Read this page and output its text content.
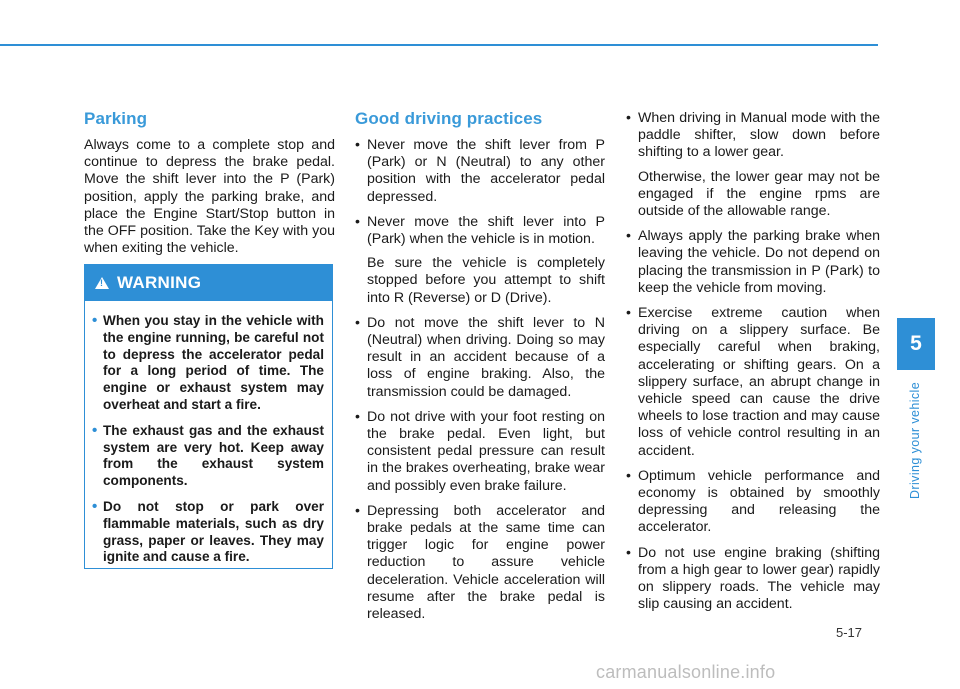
Parking

Always come to a complete stop and continue to depress the brake pedal. Move the shift lever into the P (Park) position, apply the parking brake, and place the Engine Start/Stop button in the OFF position. Take the Key with you when exiting the vehicle.

! WARNING
• When you stay in the vehicle with the engine running, be careful not to depress the accelerator pedal for a long period of time. The engine or exhaust system may overheat and start a fire.
• The exhaust gas and the exhaust system are very hot. Keep away from the exhaust system components.
• Do not stop or park over flammable materials, such as dry grass, paper or leaves. They may ignite and cause a fire.
Good driving practices

• Never move the shift lever from P (Park) or N (Neutral) to any other position with the accelerator pedal depressed.

• Never move the shift lever into P (Park) when the vehicle is in motion.

Be sure the vehicle is completely stopped before you attempt to shift into R (Reverse) or D (Drive).

• Do not move the shift lever to N (Neutral) when driving. Doing so may result in an accident because of a loss of engine braking. Also, the transmission could be damaged.

• Do not drive with your foot resting on the brake pedal. Even light, but consistent pedal pressure can result in the brakes overheating, brake wear and possibly even brake failure.

• Depressing both accelerator and brake pedals at the same time can trigger logic for engine power reduction to assure vehicle deceleration. Vehicle acceleration will resume after the brake pedal is released.

• When driving in Manual mode with the paddle shifter, slow down before shifting to a lower gear.

Otherwise, the lower gear may not be engaged if the engine rpms are outside of the allowable range.

• Always apply the parking brake when leaving the vehicle. Do not depend on placing the transmission in P (Park) to keep the vehicle from moving.

• Exercise extreme caution when driving on a slippery surface. Be especially careful when braking, accelerating or shifting gears. On a slippery surface, an abrupt change in vehicle speed can cause the drive wheels to lose traction and may cause loss of vehicle control resulting in an accident.

• Optimum vehicle performance and economy is obtained by smoothly depressing and releasing the accelerator.

• Do not use engine braking (shifting from a high gear to lower gear) rapidly on slippery roads. The vehicle may slip causing an accident.

5
Driving your vehicle
5-17
carmanualsonline.info
